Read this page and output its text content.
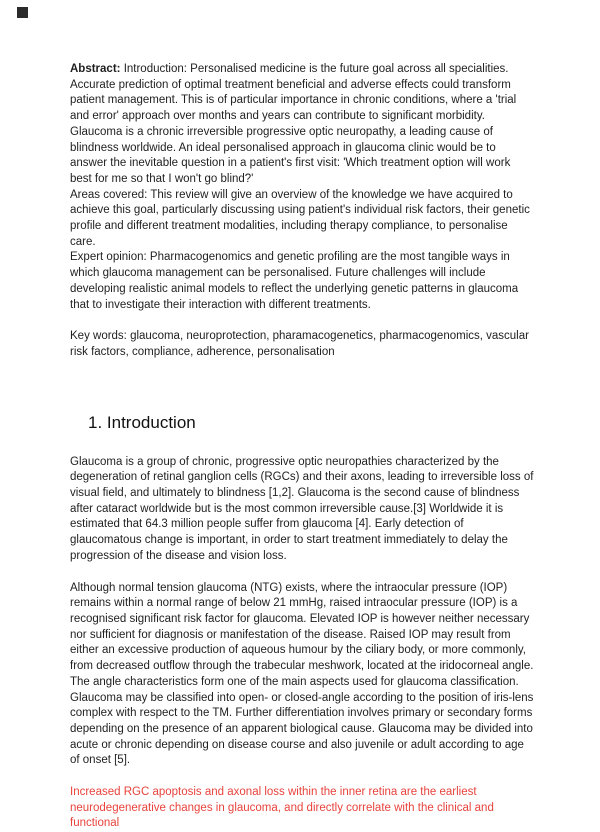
Abstract: Introduction: Personalised medicine is the future goal across all specialities. Accurate prediction of optimal treatment beneficial and adverse effects could transform patient management. This is of particular importance in chronic conditions, where a 'trial and error' approach over months and years can contribute to significant morbidity. Glaucoma is a chronic irreversible progressive optic neuropathy, a leading cause of blindness worldwide. An ideal personalised approach in glaucoma clinic would be to answer the inevitable question in a patient's first visit: 'Which treatment option will work best for me so that I won't go blind?'

Areas covered: This review will give an overview of the knowledge we have acquired to achieve this goal, particularly discussing using patient's individual risk factors, their genetic profile and different treatment modalities, including therapy compliance, to personalise care.

Expert opinion: Pharmacogenomics and genetic profiling are the most tangible ways in which glaucoma management can be personalised. Future challenges will include developing realistic animal models to reflect the underlying genetic patterns in glaucoma that to investigate their interaction with different treatments.

Key words: glaucoma, neuroprotection, pharamacogenetics, pharmacogenomics, vascular risk factors, compliance, adherence, personalisation

1. Introduction

Glaucoma is a group of chronic, progressive optic neuropathies characterized by the degeneration of retinal ganglion cells (RGCs) and their axons, leading to irreversible loss of visual field, and ultimately to blindness [1,2]. Glaucoma is the second cause of blindness after cataract worldwide but is the most common irreversible cause.[3] Worldwide it is estimated that 64.3 million people suffer from glaucoma [4]. Early detection of glaucomatous change is important, in order to start treatment immediately to delay the progression of the disease and vision loss.

Although normal tension glaucoma (NTG) exists, where the intraocular pressure (IOP) remains within a normal range of below 21 mmHg, raised intraocular pressure (IOP) is a recognised significant risk factor for glaucoma. Elevated IOP is however neither necessary nor sufficient for diagnosis or manifestation of the disease. Raised IOP may result from either an excessive production of aqueous humour by the ciliary body, or more commonly, from decreased outflow through the trabecular meshwork, located at the iridocorneal angle. The angle characteristics form one of the main aspects used for glaucoma classification. Glaucoma may be classified into open- or closed-angle according to the position of iris-lens complex with respect to the TM. Further differentiation involves primary or secondary forms depending on the presence of an apparent biological cause. Glaucoma may be divided into acute or chronic depending on disease course and also juvenile or adult according to age of onset [5].

Increased RGC apoptosis and axonal loss within the inner retina are the earliest neurodegenerative changes in glaucoma, and directly correlate with the clinical and functional
